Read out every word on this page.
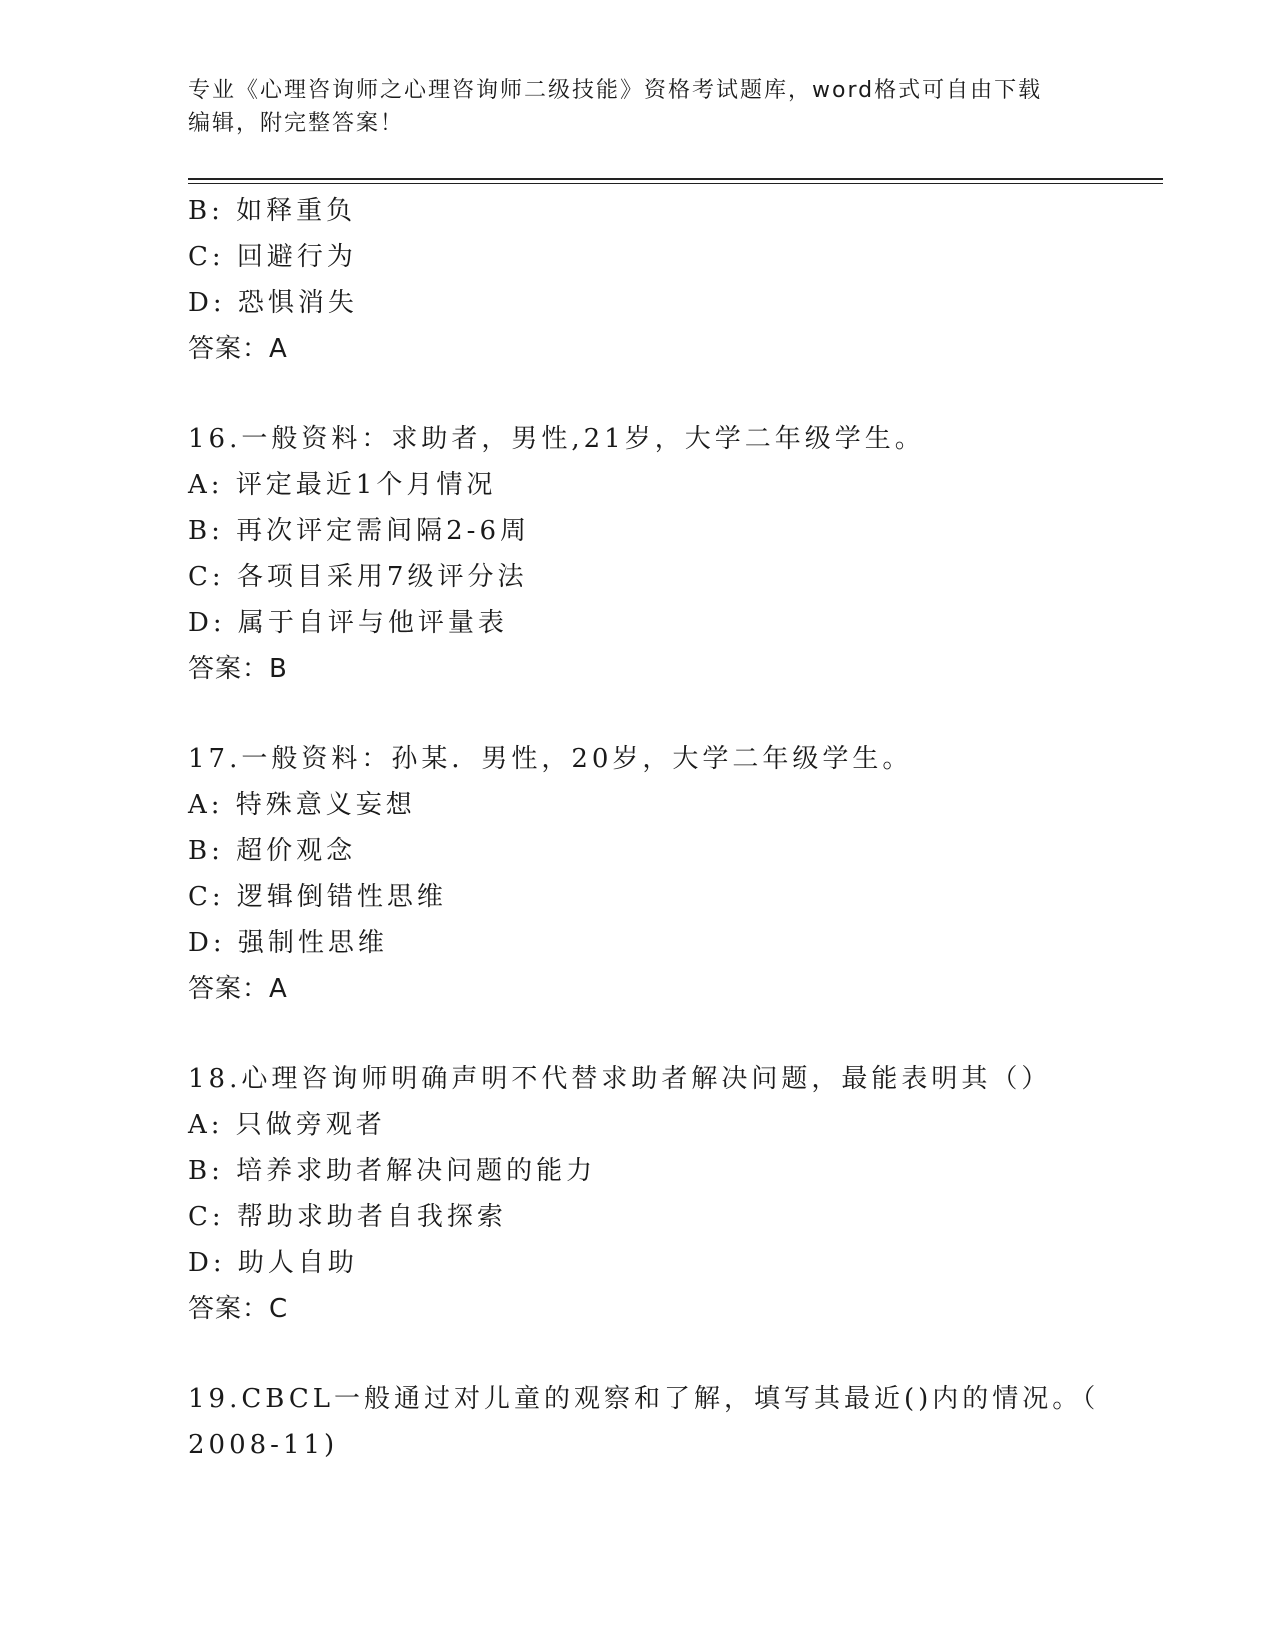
专业《心理咨询师之心理咨询师二级技能》资格考试题库，word格式可自由下载
编辑，附完整答案！
B: 如释重负
C: 回避行为
D: 恐惧消失
答案：A
16.一般资料：求助者，男性,21岁，大学二年级学生。
A: 评定最近1个月情况
B: 再次评定需间隔2-6周
C: 各项目采用7级评分法
D: 属于自评与他评量表
答案：B
17.一般资料：孙某．男性，20岁，大学二年级学生。
A: 特殊意义妄想
B: 超价观念
C: 逻辑倒错性思维
D: 强制性思维
答案：A
18.心理咨询师明确声明不代替求助者解决问题，最能表明其（）
A: 只做旁观者
B: 培养求助者解决问题的能力
C: 帮助求助者自我探索
D: 助人自助
答案：C
19.CBCL一般通过对儿童的观察和了解，填写其最近()内的情况。（
2008-11)
